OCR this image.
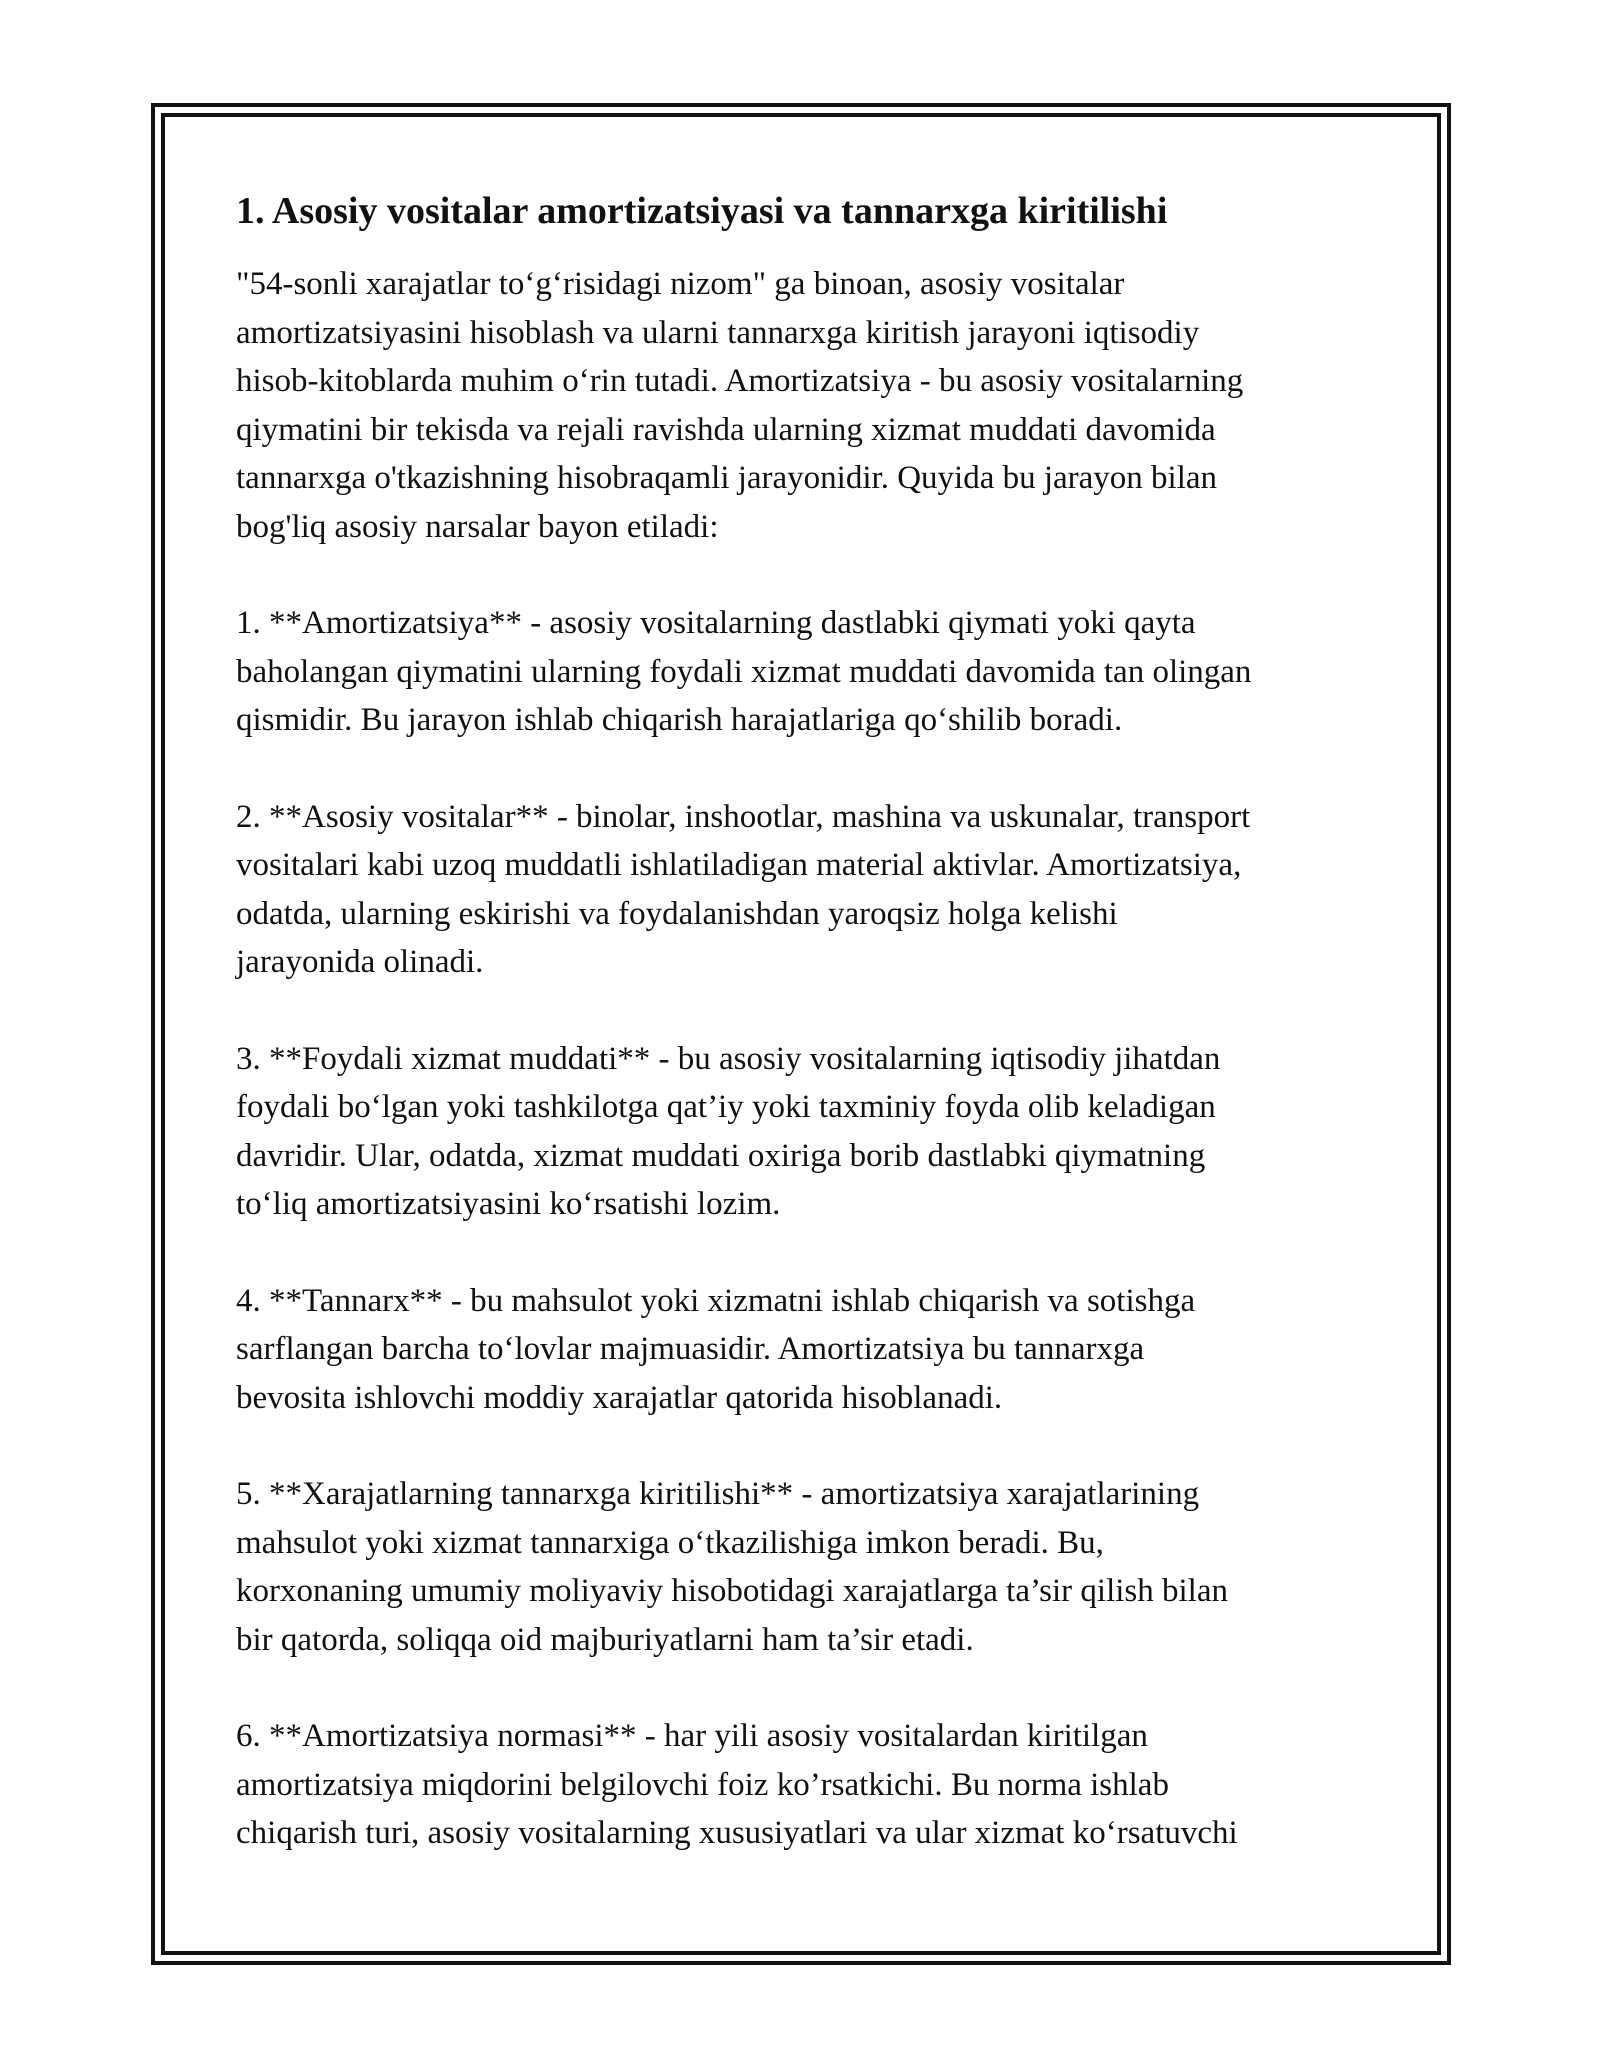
1. Asosiy vositalar amortizatsiyasi va tannarxga kiritilishi
"54-sonli xarajatlar to‘g‘risidagi nizom" ga binoan, asosiy vositalar
amortizatsiyasini hisoblash va ularni tannarxga kiritish jarayoni iqtisodiy
hisob-kitoblarda muhim o‘rin tutadi. Amortizatsiya - bu asosiy vositalarning
qiymatini bir tekisda va rejali ravishda ularning xizmat muddati davomida
tannarxga o'tkazishning hisobraqamli jarayonidir. Quyida bu jarayon bilan
bog'liq asosiy narsalar bayon etiladi:
1. **Amortizatsiya** - asosiy vositalarning dastlabki qiymati yoki qayta
baholangan qiymatini ularning foydali xizmat muddati davomida tan olingan
qismidir. Bu jarayon ishlab chiqarish harajatlariga qo‘shilib boradi.
2. **Asosiy vositalar** - binolar, inshootlar, mashina va uskunalar, transport
vositalari kabi uzoq muddatli ishlatiladigan material aktivlar. Amortizatsiya,
odatda, ularning eskirishi va foydalanishdan yaroqsiz holga kelishi
jarayonida olinadi.
3. **Foydali xizmat muddati** - bu asosiy vositalarning iqtisodiy jihatdan
foydali bo‘lgan yoki tashkilotga qat’iy yoki taxminiy foyda olib keladigan
davridir. Ular, odatda, xizmat muddati oxiriga borib dastlabki qiymatning
to‘liq amortizatsiyasini ko‘rsatishi lozim.
4. **Tannarx** - bu mahsulot yoki xizmatni ishlab chiqarish va sotishga
sarflangan barcha to‘lovlar majmuasidir. Amortizatsiya bu tannarxga
bevosita ishlovchi moddiy xarajatlar qatorida hisoblanadi.
5. **Xarajatlarning tannarxga kiritilishi** - amortizatsiya xarajatlarining
mahsulot yoki xizmat tannarxiga o‘tkazilishiga imkon beradi. Bu,
korxonaning umumiy moliyaviy hisobotidagi xarajatlarga ta’sir qilish bilan
bir qatorda, soliqqa oid majburiyatlarni ham ta’sir etadi.
6. **Amortizatsiya normasi** - har yili asosiy vositalardan kiritilgan
amortizatsiya miqdorini belgilovchi foiz ko’rsatkichi. Bu norma ishlab
chiqarish turi, asosiy vositalarning xususiyatlari va ular xizmat ko‘rsatuvchi
